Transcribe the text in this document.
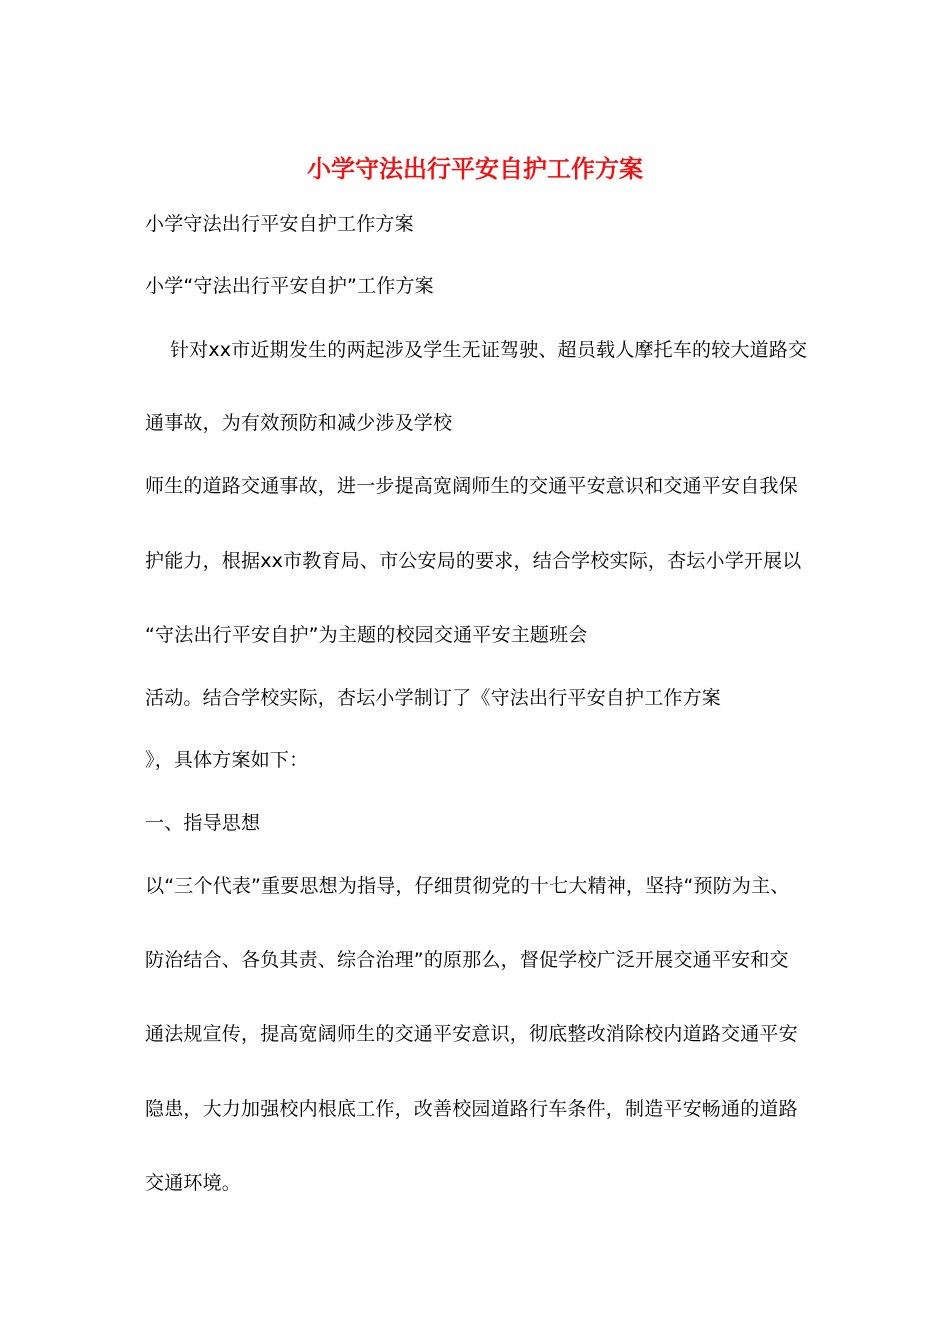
小学守法出行平安自护工作方案
小学守法出行平安自护工作方案
小学“守法出行平安自护”工作方案
针对xx市近期发生的两起涉及学生无证驾驶、超员载人摩托车的较大道路交
通事故，为有效预防和减少涉及学校
师生的道路交通事故，进一步提高宽阔师生的交通平安意识和交通平安自我保
护能力，根据xx市教育局、市公安局的要求，结合学校实际，杏坛小学开展以
“守法出行平安自护”为主题的校园交通平安主题班会
活动。结合学校实际，杏坛小学制订了《守法出行平安自护工作方案
》，具体方案如下：
一、指导思想
以“三个代表”重要思想为指导，仔细贯彻党的十七大精神，坚持“预防为主、
防治结合、各负其责、综合治理”的原那么，督促学校广泛开展交通平安和交
通法规宣传，提高宽阔师生的交通平安意识，彻底整改消除校内道路交通平安
隐患，大力加强校内根底工作，改善校园道路行车条件，制造平安畅通的道路
交通环境。
